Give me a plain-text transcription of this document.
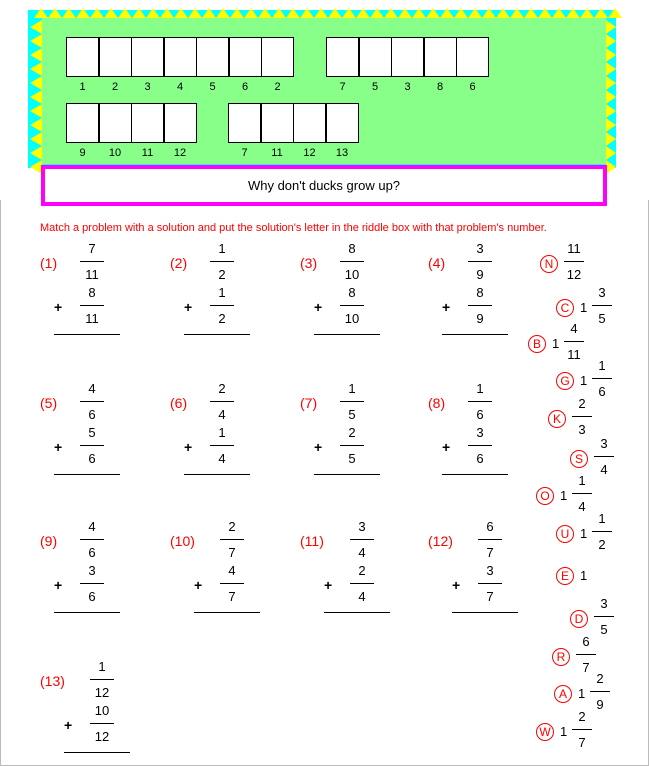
1	2	3	4	5	6	2	7	5	3	8	6
9	10	11	12	7	11	12	13
Why don't ducks grow up?
Match a problem with a solution and put the solution's letter in the riddle box with that problem's number.
(1)
7
11
+
8
11
(2)
1
2
+
1
2
(3)
8
10
+
8
10
(4)
3
9
+
8
9
(5)
4
6
+
5
6
(6)
2
4
+
1
4
(7)
1
5
+
2
5
(8)
1
6
+
3
6
(9)
4
6
+
3
6
(10)
2
7
+
4
7
(11)
3
4
+
2
4
(12)
6
7
+
3
7
(13)
1
12
+
10
12
N
11
12
C 1
3
5
B 1
4
11
G 1
1
6
K
2
3
S
3
4
O 1
1
4
U 1
1
2
E 1
D
3
5
R
6
7
A 1
2
9
W 1
2
7
